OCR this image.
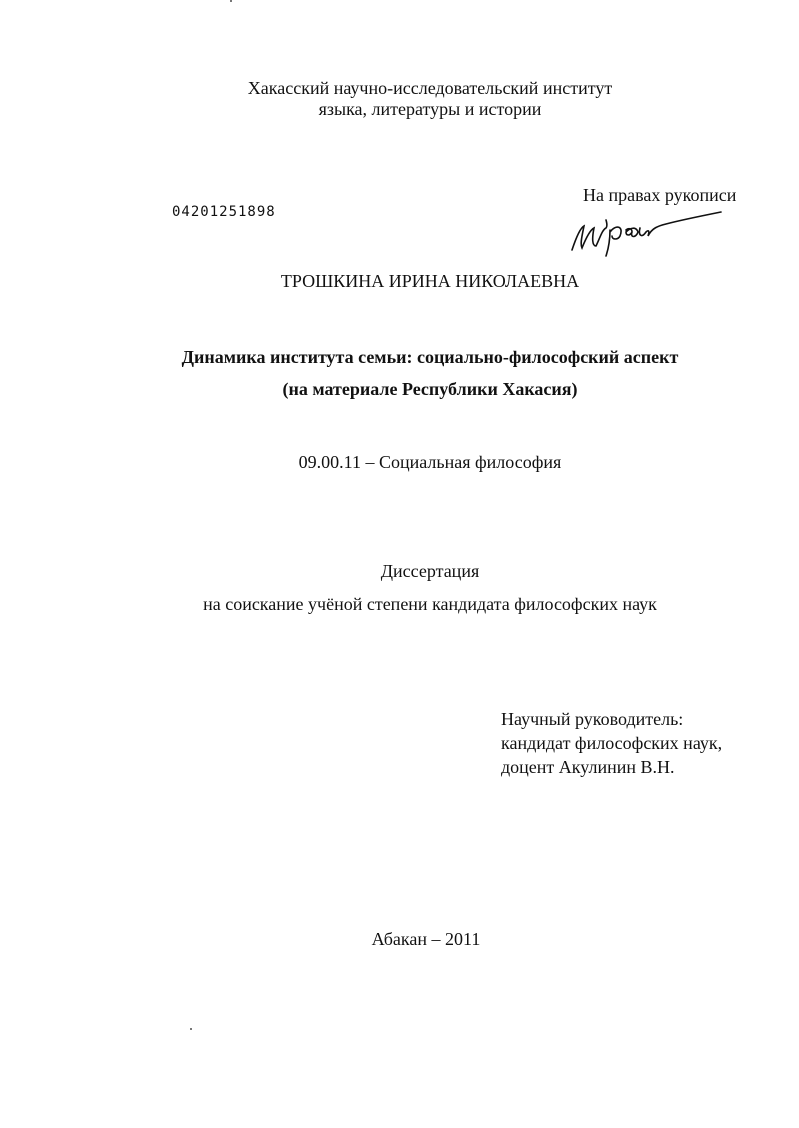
Хакасский научно-исследовательский институт
языка, литературы и истории
На правах рукописи
04201251898
ТРОШКИНА ИРИНА НИКОЛАЕВНА
Динамика института семьи: социально-философский аспект
(на материале Республики Хакасия)
09.00.11 – Социальная философия
Диссертация
на соискание учёной степени кандидата философских наук
Научный руководитель:
кандидат философских наук,
доцент Акулинин В.Н.
Абакан – 2011
